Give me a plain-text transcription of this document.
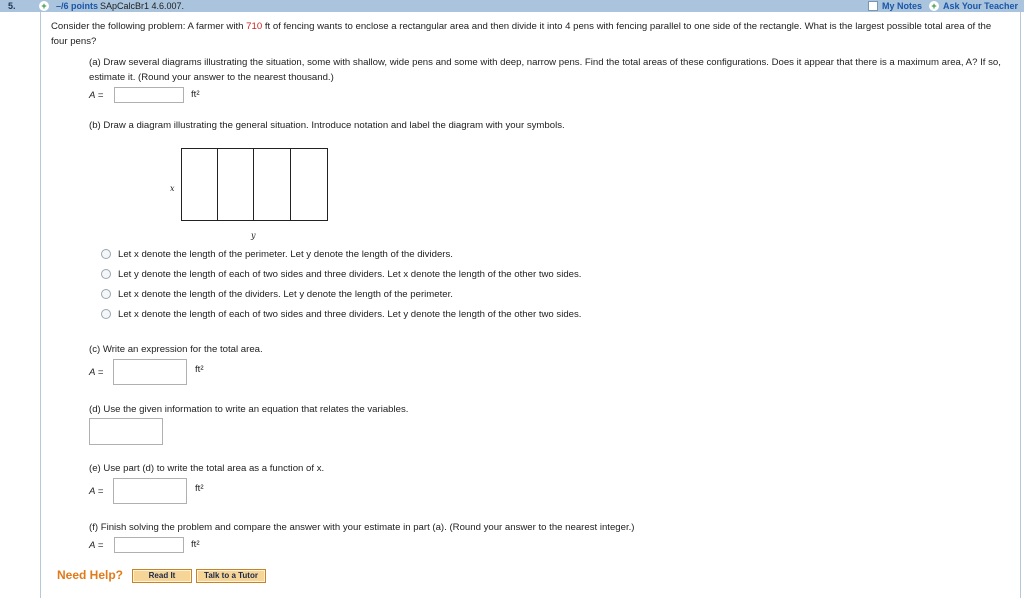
5.	+ –/6 points SApCalcBr1 4.6.007.	My Notes + Ask Your Teacher
Consider the following problem: A farmer with 710 ft of fencing wants to enclose a rectangular area and then divide it into 4 pens with fencing parallel to one side of the rectangle. What is the largest possible total area of the four pens?
(a) Draw several diagrams illustrating the situation, some with shallow, wide pens and some with deep, narrow pens. Find the total areas of these configurations. Does it appear that there is a maximum area, A? If so, estimate it. (Round your answer to the nearest thousand.)
A =	ft²
(b) Draw a diagram illustrating the general situation. Introduce notation and label the diagram with your symbols.
x
y
Let x denote the length of the perimeter. Let y denote the length of the dividers.
Let y denote the length of each of two sides and three dividers. Let x denote the length of the other two sides.
Let x denote the length of the dividers. Let y denote the length of the perimeter.
Let x denote the length of each of two sides and three dividers. Let y denote the length of the other two sides.
(c) Write an expression for the total area.
A =	ft²
(d) Use the given information to write an equation that relates the variables.
(e) Use part (d) to write the total area as a function of x.
A =	ft²
(f) Finish solving the problem and compare the answer with your estimate in part (a). (Round your answer to the nearest integer.)
A =	ft²
Need Help?	Read It	Talk to a Tutor
